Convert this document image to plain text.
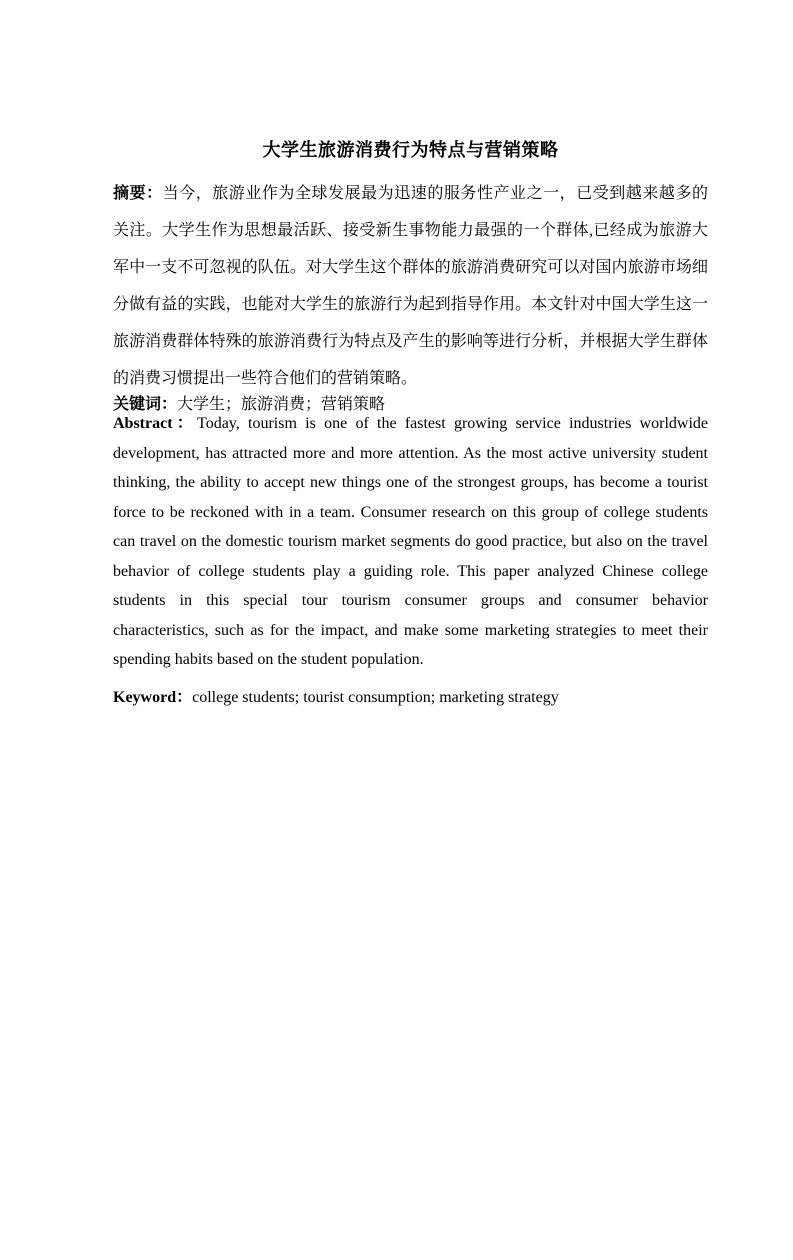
大学生旅游消费行为特点与营销策略
摘要：当今，旅游业作为全球发展最为迅速的服务性产业之一，已受到越来越多的
关注。大学生作为思想最活跃、接受新生事物能力最强的一个群体,已经成为旅游大
军中一支不可忽视的队伍。对大学生这个群体的旅游消费研究可以对国内旅游市场细
分做有益的实践，也能对大学生的旅游行为起到指导作用。本文针对中国大学生这一
旅游消费群体特殊的旅游消费行为特点及产生的影响等进行分析，并根据大学生群体
的消费习惯提出一些符合他们的营销策略。
关键词：大学生；旅游消费；营销策略
Abstract：Today, tourism is one of the fastest growing service industries worldwide
development, has attracted more and more attention. As the most active university student
thinking, the ability to accept new things one of the strongest groups, has become a tourist
force to be reckoned with in a team. Consumer research on this group of college students
can travel on the domestic tourism market segments do good practice, but also on the travel
behavior of college students play a guiding role. This paper analyzed Chinese college
students in this special tour tourism consumer groups and consumer behavior
characteristics, such as for the impact, and make some marketing strategies to meet their
spending habits based on the student population.
Keyword：college students; tourist consumption; marketing strategy
